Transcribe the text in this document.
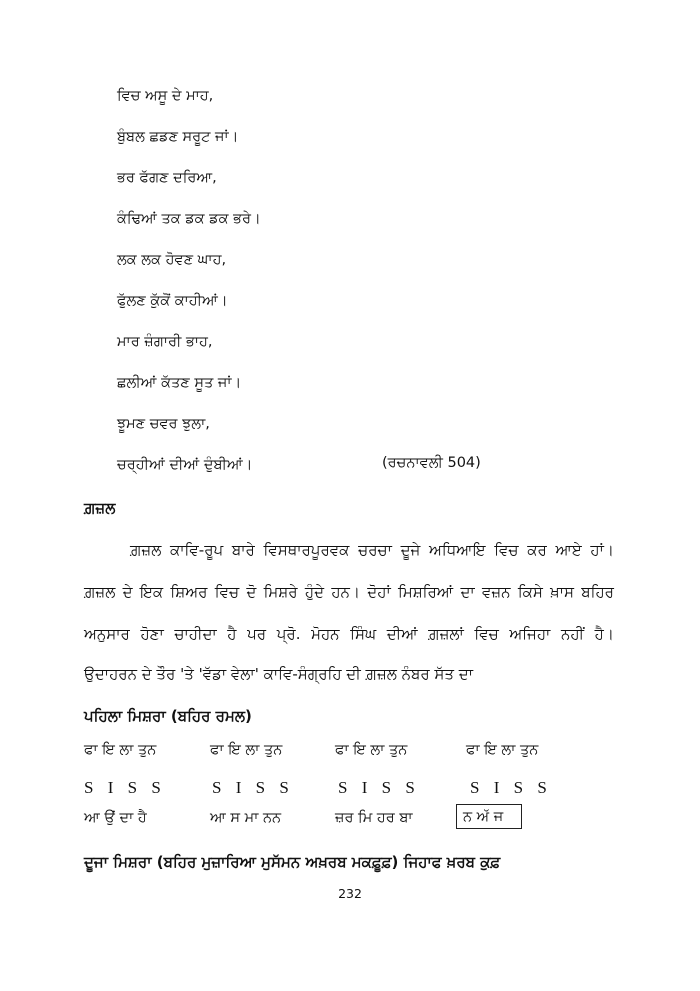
ਵਿਚ ਅਸੂ ਦੇ ਮਾਹ,
ਬੁੰਬਲ ਛਡਣ ਸਰੂਟ ਜਾਂ।
ਭਰ ਫੱਗਣ ਦਰਿਆ,
ਕੰਢਿਆਂ ਤਕ ਡਕ ਡਕ ਭਰੇ।
ਲਕ ਲਕ ਹੋਵਣ ਘਾਹ,
ਫੁੱਲਣ ਕੁੱਕੋਂ ਕਾਹੀਆਂ।
ਮਾਰ ਜ਼ੰਗਾਰੀ ਭਾਹ,
ਛਲੀਆਂ ਕੱਤਣ ਸੂਤ ਜਾਂ।
ਝੂਮਣ ਚਵਰ ਝੁਲਾ,
ਚਰ੍ਹੀਆਂ ਦੀਆਂ ਦੁੰਬੀਆਂ।	(ਰਚਨਾਵਲੀ 504)
ਗ਼ਜ਼ਲ
ਗ਼ਜ਼ਲ ਕਾਵਿ-ਰੂਪ ਬਾਰੇ ਵਿਸਥਾਰਪੂਰਵਕ ਚਰਚਾ ਦੂਜੇ ਅਧਿਆਇ ਵਿਚ ਕਰ ਆਏ ਹਾਂ।
ਗ਼ਜ਼ਲ ਦੇ ਇਕ ਸ਼ਿਅਰ ਵਿਚ ਦੋ ਮਿਸ਼ਰੇ ਹੁੰਦੇ ਹਨ। ਦੋਹਾਂ ਮਿਸ਼ਰਿਆਂ ਦਾ ਵਜ਼ਨ ਕਿਸੇ ਖ਼ਾਸ ਬਹਿਰ
ਅਨੁਸਾਰ ਹੋਣਾ ਚਾਹੀਦਾ ਹੈ ਪਰ ਪ੍ਰੋ. ਮੋਹਨ ਸਿੰਘ ਦੀਆਂ ਗ਼ਜ਼ਲਾਂ ਵਿਚ ਅਜਿਹਾ ਨਹੀਂ ਹੈ।
ਉਦਾਹਰਨ ਦੇ ਤੌਰ 'ਤੇ 'ਵੱਡਾ ਵੇਲਾ' ਕਾਵਿ-ਸੰਗ੍ਰਹਿ ਦੀ ਗ਼ਜ਼ਲ ਨੰਬਰ ਸੱਤ ਦਾ
ਪਹਿਲਾ ਮਿਸ਼ਰਾ (ਬਹਿਰ ਰਮਲ)
ਫਾ ਇ ਲਾ ਤੁਨ	ਫਾ ਇ ਲਾ ਤੁਨ	ਫਾ ਇ ਲਾ ਤੁਨ	ਫਾ ਇ ਲਾ ਤੁਨ
S I S S	S I S S	S I S S	S I S S
ਆ ਉਂ ਦਾ ਹੈ	ਆ ਸ ਮਾ ਨਨ	ਜ਼ਰ ਮਿ ਹਰ ਬਾ	ਨ ਅੱ ਜ
ਦੂਜਾ ਮਿਸ਼ਰਾ (ਬਹਿਰ ਮੁਜ਼ਾਰਿਆ ਮੁਸੱਮਨ ਅਖ਼ਰਬ ਮਕਫ਼ੂਫ਼) ਜਿਹਾਫ ਖ਼ਰਬ ਕੁਫ਼
232
